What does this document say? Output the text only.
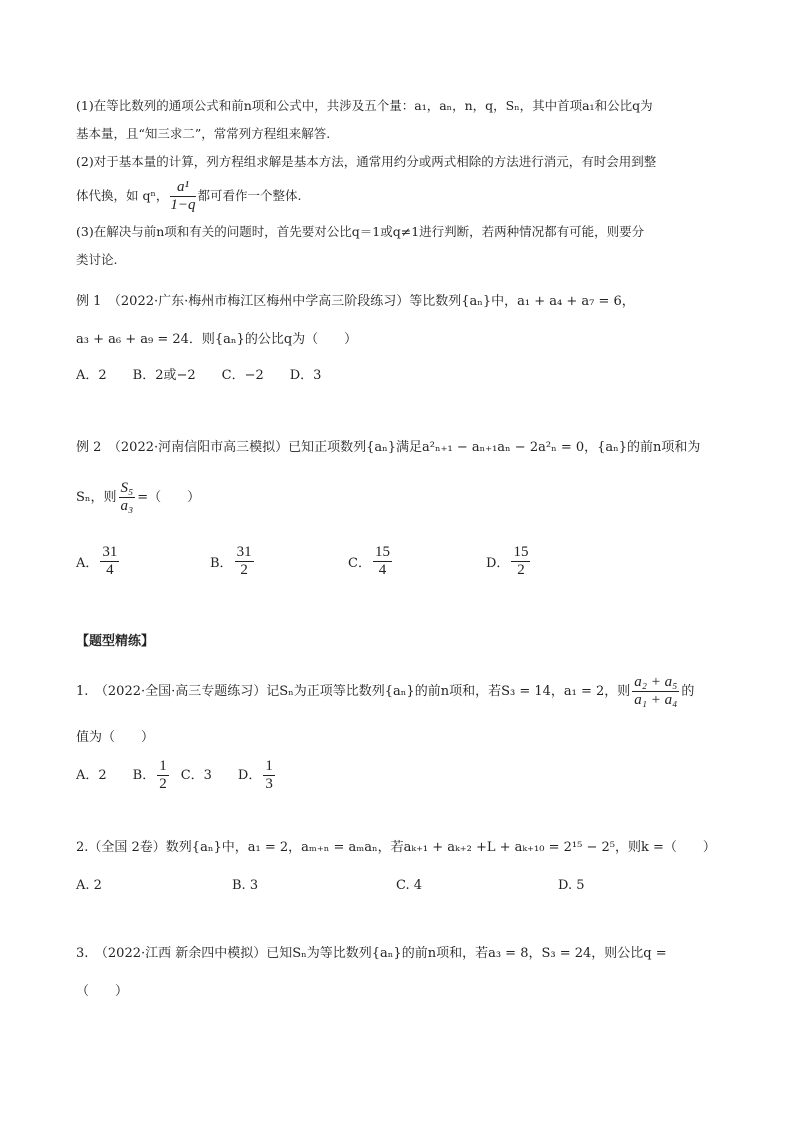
(1)在等比数列的通项公式和前n项和公式中，共涉及五个量：a₁，aₙ，n，q，Sₙ，其中首项a₁和公比q为
基本量，且“知三求二”，常常列方程组来解答.
(2)对于基本量的计算，列方程组求解是基本方法，通常用约分或两式相除的方法进行消元，有时会用到整
体代換，如 qⁿ， $\frac{\text{a¹}}{1-q}$ 都可看作一个整体.
(3)在解决与前n项和有关的问题时，首先要对公比q＝1或q≠1进行判断，若两种情况都有可能，则要分
类讨论.
例 1　（2022·广东·梅州市梅江区梅州中学高三阶段练习）等比数列{aₙ}中，a₁ + a₄ + a₇ = 6，
a₃ + a₆ + a₉ = 24．则{aₙ}的公比q为（　　）
A．2　　B．2或−2　　C．−2　　D．3
例 2　（2022·河南信阳市高三模拟）已知正项数列{aₙ}满足a²ₙ₊₁ − aₙ₊₁aₙ − 2a²ₙ = 0，{aₙ}的前n项和为
Sₙ，则 $\frac{\text{S₅}}{\text{a₃}}$ =（　　）
A． $\frac{31}{4}$	B． $\frac{31}{2}$	C． $\frac{15}{4}$	D． $\frac{15}{2}$
【题型精练】
1.　（2022·全国·高三专题练习）记Sₙ为正项等比数列{aₙ}的前n项和，若S₃ = 14，a₁ = 2，则 $\frac{\text{a₂ + a₅}}{\text{a₁ + a₄}}$ 的
值为（　　）
A．2　　B． $\frac{1}{2}$ C．3　　D． $\frac{1}{3}$
2.（全国 2卷）数列{aₙ}中，a₁ = 2，aₘ₊ₙ = aₘaₙ，若aₖ₊₁ + aₖ₊₂ +L + aₖ₊₁₀ = 2¹⁵ − 2⁵，则k =（　　）
A. 2	B. 3	C. 4	D. 5
3.　（2022·江西 新余四中模拟）已知Sₙ为等比数列{aₙ}的前n项和，若a₃ = 8，S₃ = 24，则公比q =
（　　）
